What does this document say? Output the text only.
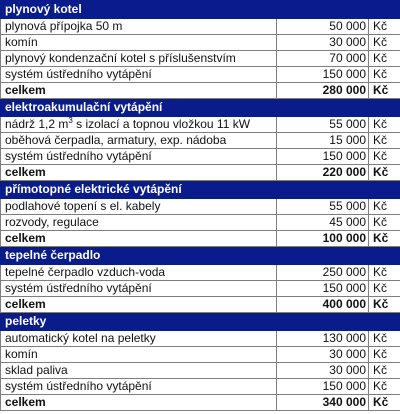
plynový kotel		
plynová přípojka 50 m	50 000	Kč
komín	30 000	Kč
plynový kondenzační kotel s příslušenstvím	70 000	Kč
systém ústředního vytápění	150 000	Kč
celkem	280 000	Kč
elektroakumulační vytápění		
nádrž 1,2 $m^3$ s izolací a topnou vložkou 11 kW	55 000	Kč
oběhová čerpadla, armatury, exp. nádoba	15 000	Kč
systém ústředního vytápění	150 000	Kč
celkem	220 000	Kč
přímotopné elektrické vytápění		
podlahové topení s el. kabely	55 000	Kč
rozvody, regulace	45 000	Kč
celkem	100 000	Kč
tepelné čerpadlo		
tepelné čerpadlo vzduch-voda	250 000	Kč
systém ústředního vytápění	150 000	Kč
celkem	400 000	Kč
peletky		
automatický kotel na peletky	130 000	Kč
komín	30 000	Kč
sklad paliva	30 000	Kč
systém ústředního vytápění	150 000	Kč
celkem	340 000	Kč
